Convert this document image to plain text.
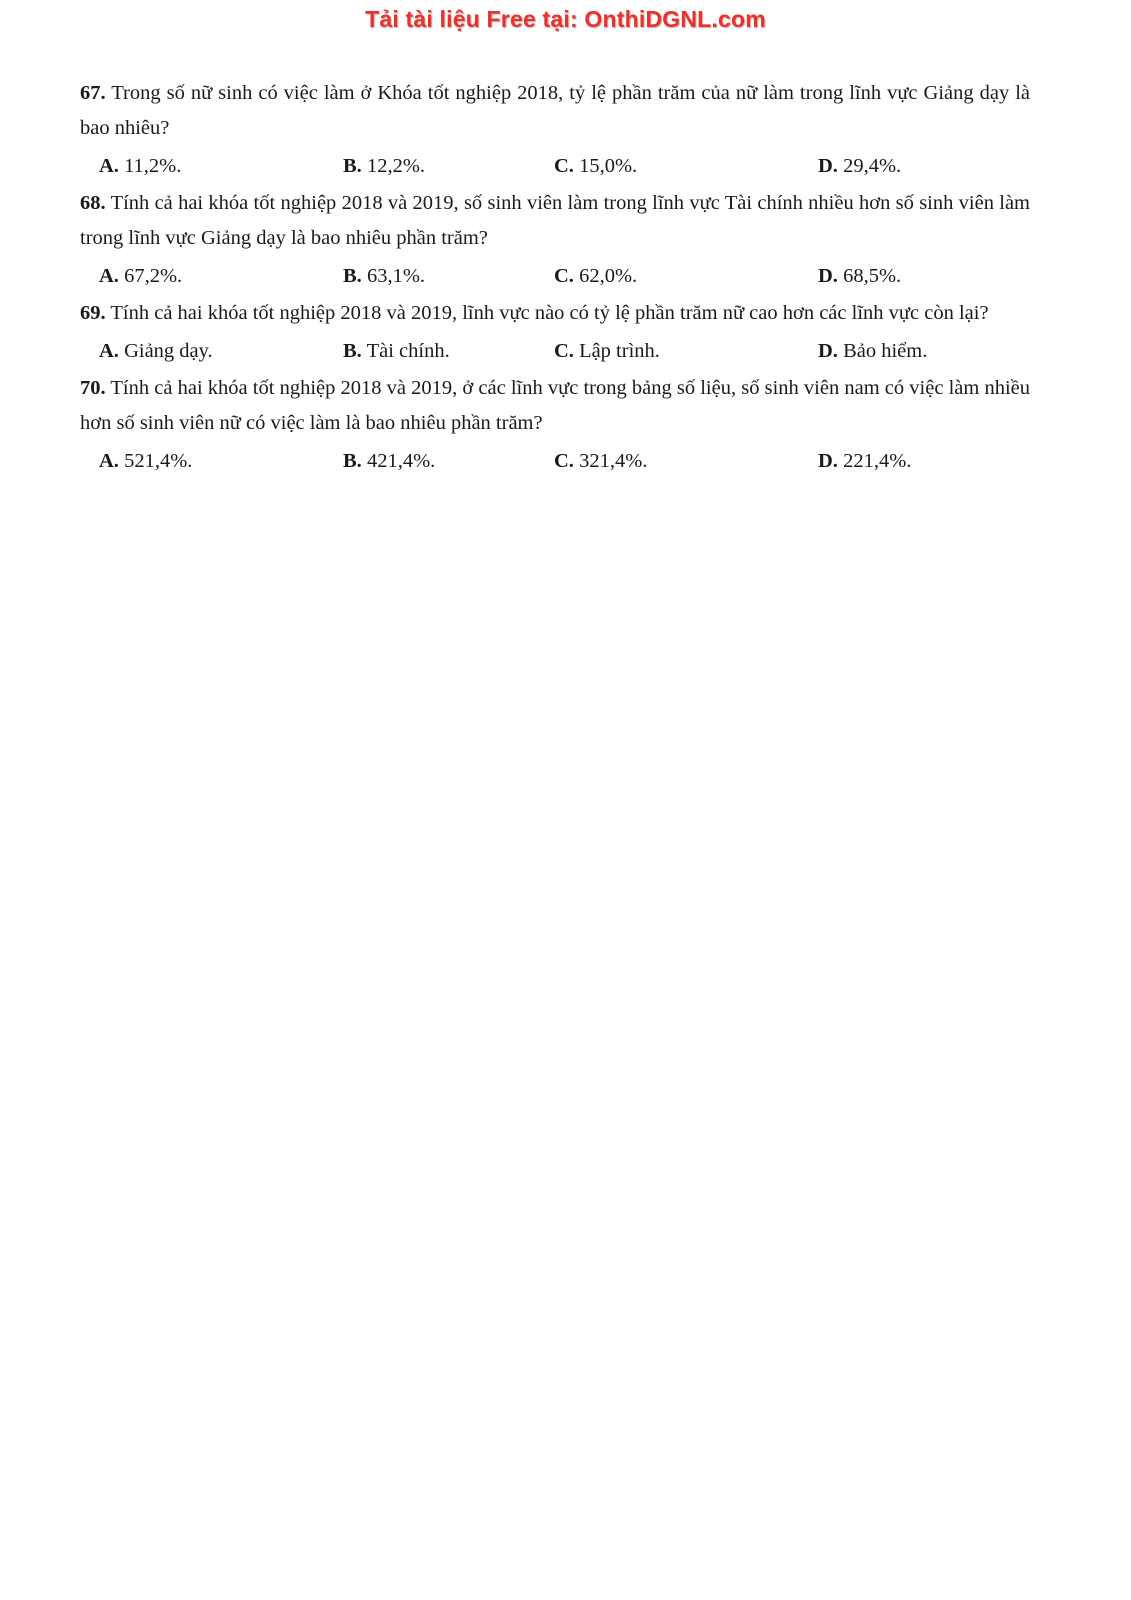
Tải tài liệu Free tại: OnthiDGNL.com

67. Trong số nữ sinh có việc làm ở Khóa tốt nghiệp 2018, tỷ lệ phần trăm của nữ làm trong lĩnh vực Giảng dạy là bao nhiêu?

A. 11,2%.	B. 12,2%.	C. 15,0%.	D. 29,4%.

68. Tính cả hai khóa tốt nghiệp 2018 và 2019, số sinh viên làm trong lĩnh vực Tài chính nhiều hơn số sinh viên làm trong lĩnh vực Giảng dạy là bao nhiêu phần trăm?

A. 67,2%.	B. 63,1%.	C. 62,0%.	D. 68,5%.

69. Tính cả hai khóa tốt nghiệp 2018 và 2019, lĩnh vực nào có tỷ lệ phần trăm nữ cao hơn các lĩnh vực còn lại?

A. Giảng dạy.	B. Tài chính.	C. Lập trình.	D. Bảo hiểm.

70. Tính cả hai khóa tốt nghiệp 2018 và 2019, ở các lĩnh vực trong bảng số liệu, số sinh viên nam có việc làm nhiều hơn số sinh viên nữ có việc làm là bao nhiêu phần trăm?

A. 521,4%.	B. 421,4%.	C. 321,4%.	D. 221,4%.
